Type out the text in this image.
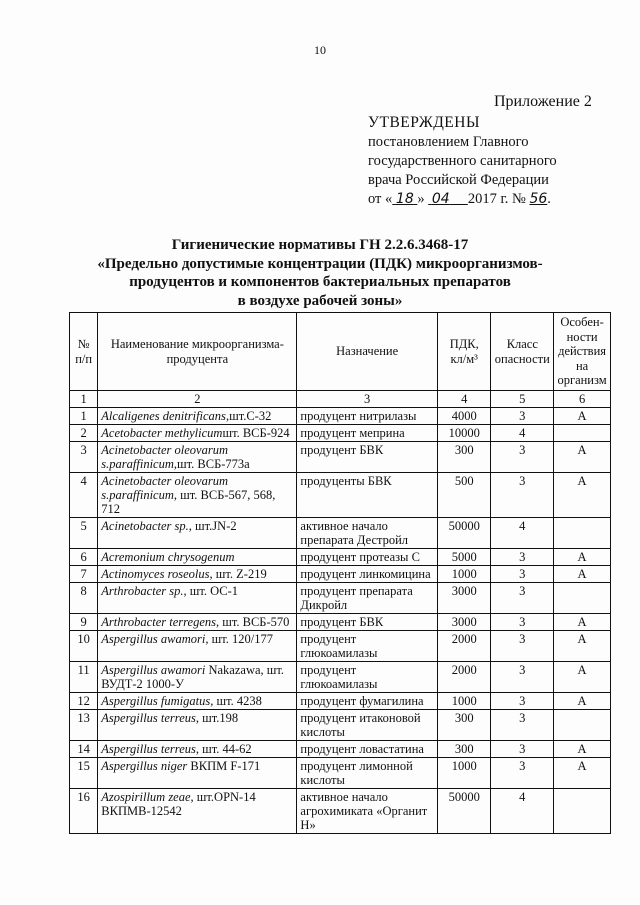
10
Приложение 2
УТВЕРЖДЕНЫ
постановлением Главного
государственного санитарного
врача Российской Федерации
от « 18 » 04 2017 г. № 56.
Гигиенические нормативы ГН 2.2.6.3468-17
«Предельно допустимые концентрации (ПДК) микроорганизмов-
продуцентов и компонентов бактериальных препаратов
в воздухе рабочей зоны»
№ п/п	Наименование микроорганизма-продуцента	Назначение	ПДК, кл/м³	Класс опасности	Особен-ности действия на организм
1	2	3	4	5	6
1	Alcaligenes denitrificans,шт.С-32	продуцент нитрилазы	4000	3	А
2	Acetobacter methylicumшт. ВСБ-924	продуцент меприна	10000	4	
3	Acinetobacter oleovarum s.paraffinicum,шт. ВСБ-773а	продуцент БВК	300	3	А
4	Acinetobacter oleovarum s.paraffinicum, шт. ВСБ-567, 568, 712	продуценты БВК	500	3	А
5	Acinetobacter sp., шт.JN-2	активное начало препарата Дестройл	50000	4	
6	Acremonium chrysogenum	продуцент протеазы С	5000	3	А
7	Actinomyces roseolus, шт. Z-219	продуцент линкомицина	1000	3	А
8	Arthrobacter sp., шт. ОС-1	продуцент препарата Дикройл	3000	3	
9	Arthrobacter terregens, шт. ВСБ-570	продуцент БВК	3000	3	А
10	Aspergillus awamori, шт. 120/177	продуцент глюкоамилазы	2000	3	А
11	Aspergillus awamori Nakazawa, шт. ВУДТ-2 1000-У	продуцент глюкоамилазы	2000	3	А
12	Aspergillus fumigatus, шт. 4238	продуцент фумагилина	1000	3	А
13	Aspergillus terreus, шт.198	продуцент итаконовой кислоты	300	3	
14	Aspergillus terreus, шт. 44-62	продуцент ловастатина	300	3	А
15	Aspergillus niger ВКПМ F-171	продуцент лимонной кислоты	1000	3	А
16	Azospirillum zeae, шт.OPN-14 ВКПМВ-12542	активное начало агрохимиката «Органит Н»	50000	4	
